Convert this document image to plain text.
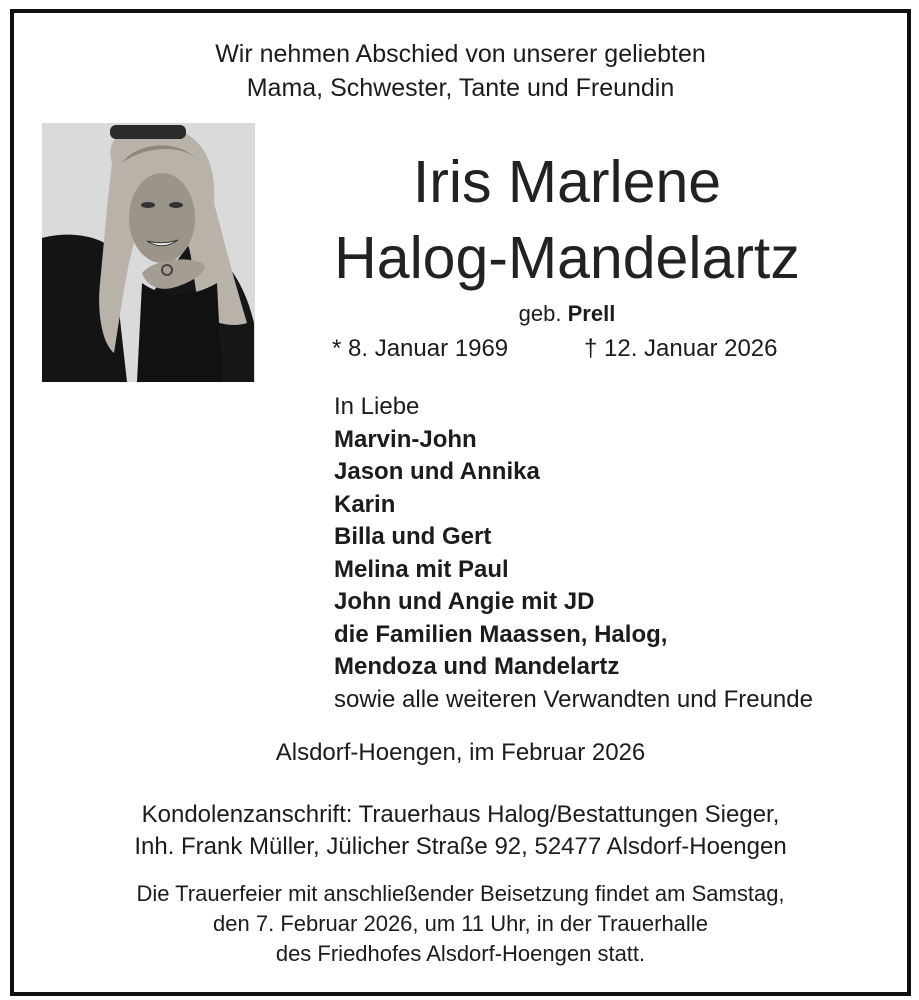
Wir nehmen Abschied von unserer geliebten
Mama, Schwester, Tante und Freundin
Iris Marlene
Halog-Mandelartz
geb. Prell
* 8. Januar 1969	† 12. Januar 2026
In Liebe
Marvin-John
Jason und Annika
Karin
Billa und Gert
Melina mit Paul
John und Angie mit JD
die Familien Maassen, Halog,
Mendoza und Mandelartz
sowie alle weiteren Verwandten und Freunde
Alsdorf-Hoengen, im Februar 2026
Kondolenzanschrift: Trauerhaus Halog/Bestattungen Sieger,
Inh. Frank Müller, Jülicher Straße 92, 52477 Alsdorf-Hoengen
Die Trauerfeier mit anschließender Beisetzung findet am Samstag,
den 7. Februar 2026, um 11 Uhr, in der Trauerhalle
des Friedhofes Alsdorf-Hoengen statt.
